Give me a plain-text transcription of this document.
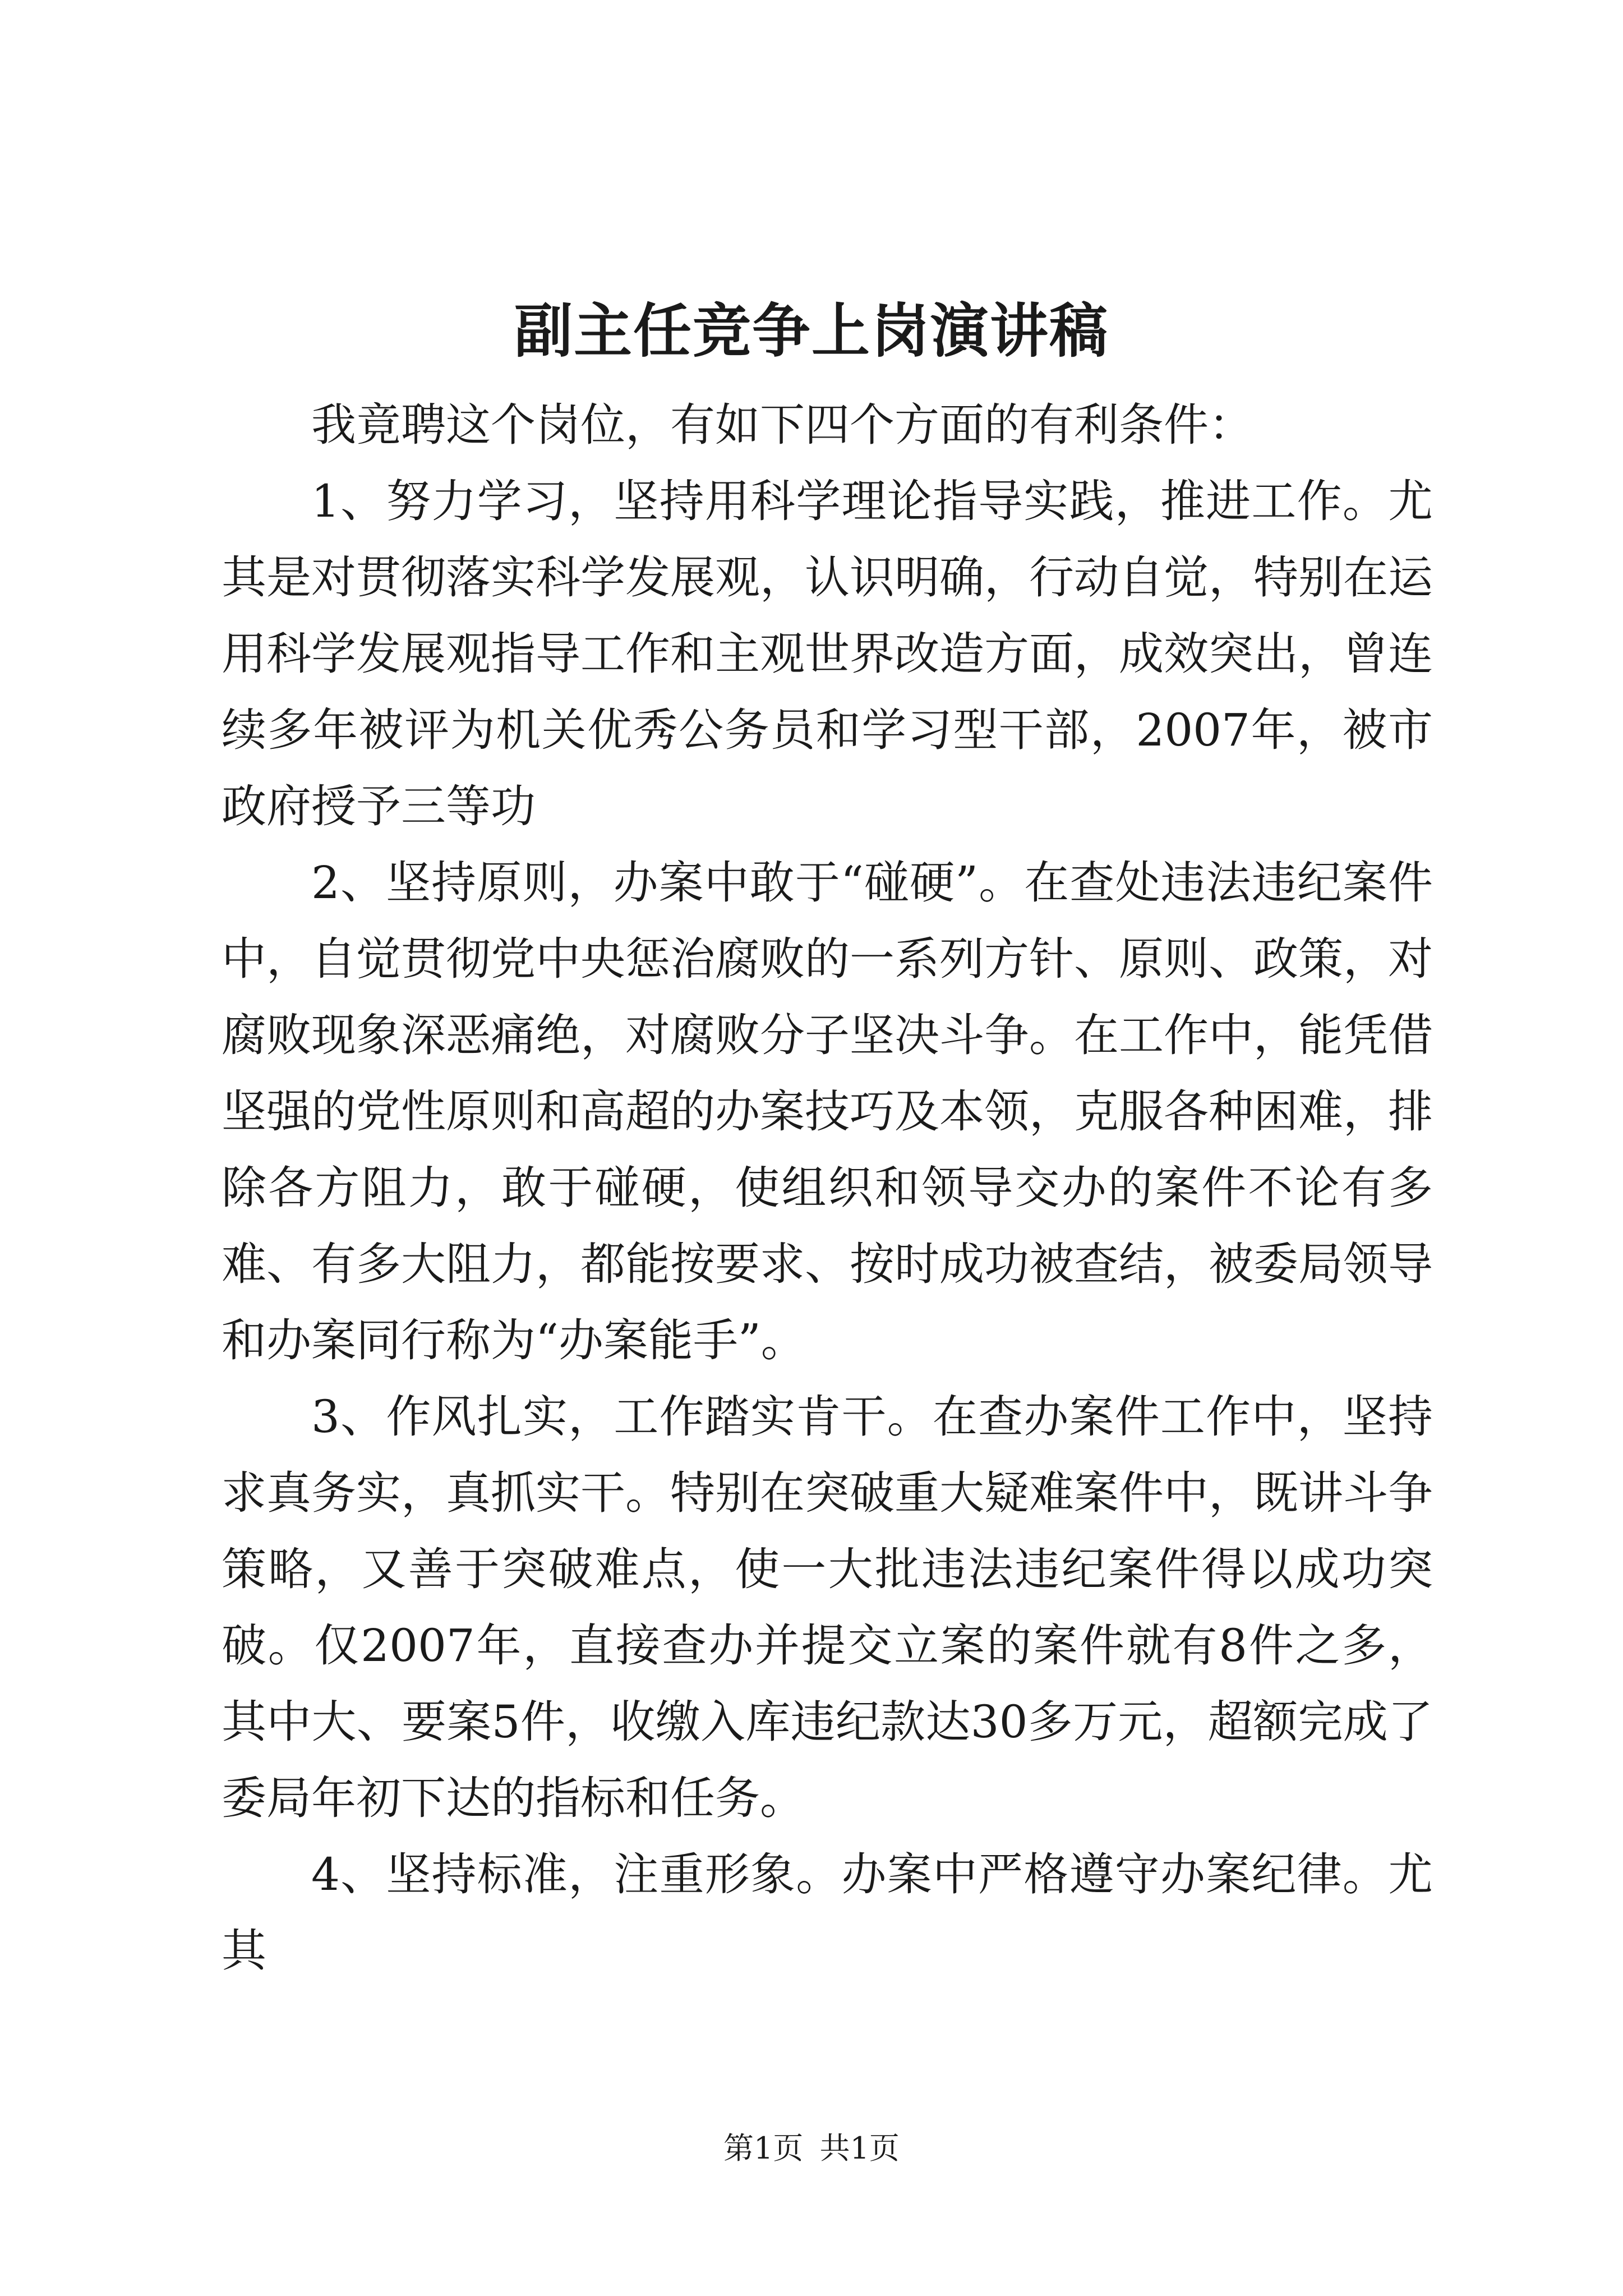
副主任竞争上岗演讲稿

我竟聘这个岗位，有如下四个方面的有利条件：

1、努力学习，坚持用科学理论指导实践，推进工作。尤其是对贯彻落实科学发展观，认识明确，行动自觉，特别在运用科学发展观指导工作和主观世界改造方面，成效突出，曾连续多年被评为机关优秀公务员和学习型干部，2007年，被市政府授予三等功

2、坚持原则，办案中敢于“碰硬”。在查处违法违纪案件中，自觉贯彻党中央惩治腐败的一系列方针、原则、政策，对腐败现象深恶痛绝，对腐败分子坚决斗争。在工作中，能凭借坚强的党性原则和高超的办案技巧及本领，克服各种困难，排除各方阻力，敢于碰硬，使组织和领导交办的案件不论有多难、有多大阻力，都能按要求、按时成功被查结，被委局领导和办案同行称为“办案能手”。

3、作风扎实，工作踏实肯干。在查办案件工作中，坚持求真务实，真抓实干。特别在突破重大疑难案件中，既讲斗争策略，又善于突破难点，使一大批违法违纪案件得以成功突破。仅2007年，直接查办并提交立案的案件就有8件之多，其中大、要案5件，收缴入库违纪款达30多万元，超额完成了委局年初下达的指标和任务。

4、坚持标准，注重形象。办案中严格遵守办案纪律。尤其

第1页 共1页
